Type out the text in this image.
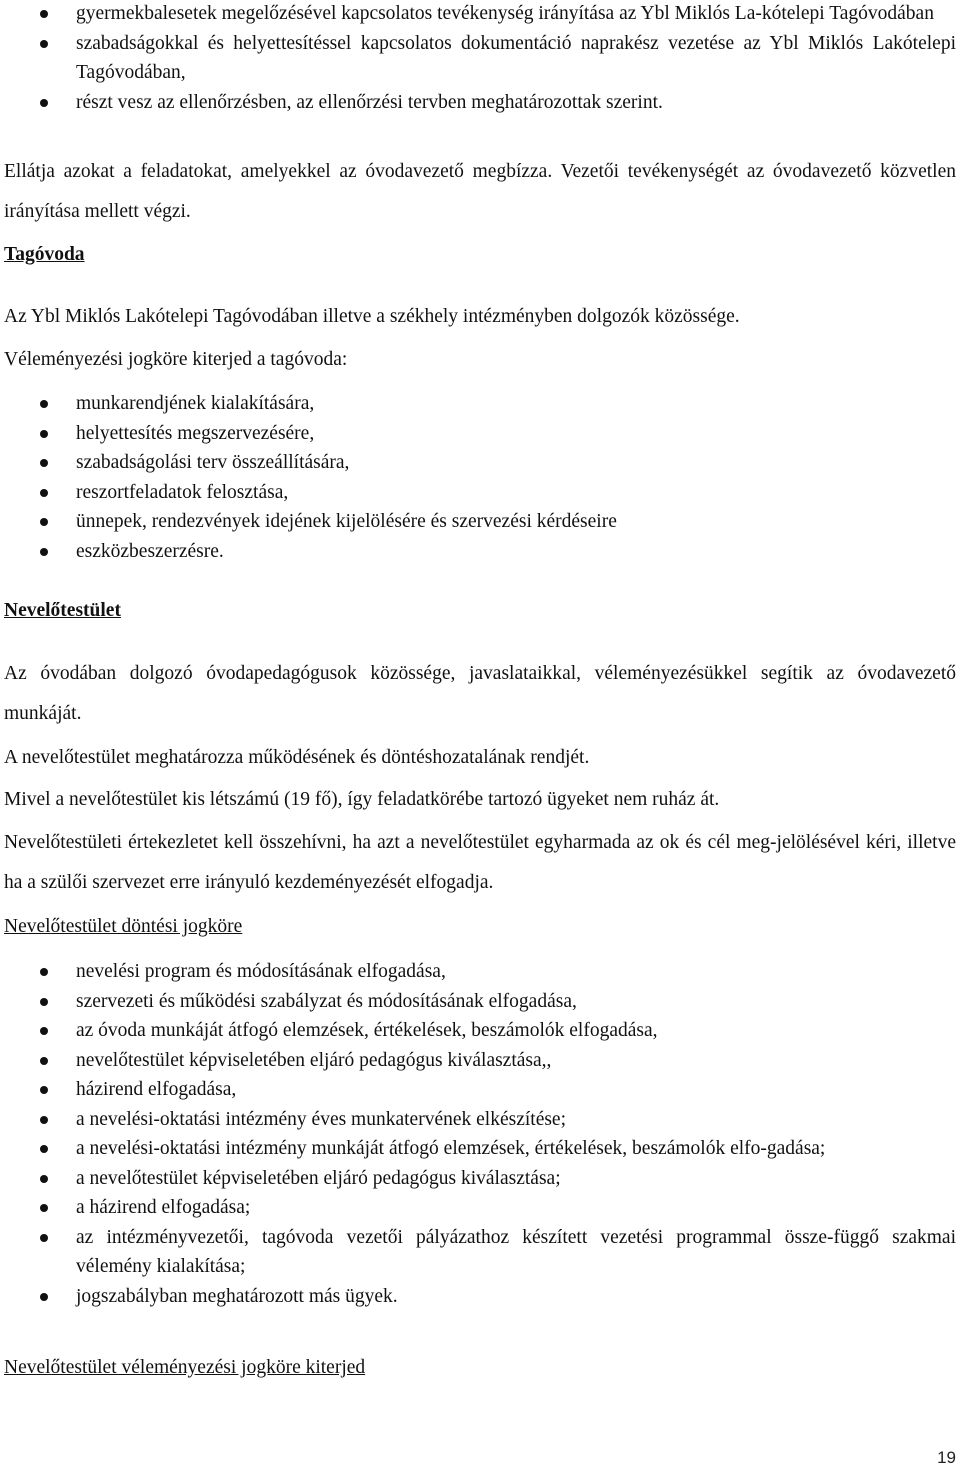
gyermekbalesetek megelőzésével kapcsolatos tevékenység irányítása az Ybl Miklós La-kótelepi Tagóvodában
szabadságokkal és helyettesítéssel kapcsolatos dokumentáció naprakész vezetése az Ybl Miklós Lakótelepi Tagóvodában,
részt vesz az ellenőrzésben, az ellenőrzési tervben meghatározottak szerint.

Ellátja azokat a feladatokat, amelyekkel az óvodavezető megbízza. Vezetői tevékenységét az óvodavezető közvetlen irányítása mellett végzi.

Tagóvoda

Az Ybl Miklós Lakótelepi Tagóvodában illetve a székhely intézményben dolgozók közössége.

Véleményezési jogköre kiterjed a tagóvoda:

munkarendjének kialakítására,
helyettesítés megszervezésére,
szabadságolási terv összeállítására,
reszortfeladatok felosztása,
ünnepek, rendezvények idejének kijelölésére és szervezési kérdéseire
eszközbeszerzésre.
Nevelőtestület

Az óvodában dolgozó óvodapedagógusok közössége, javaslataikkal, véleményezésükkel segítik az óvodavezető munkáját.

A nevelőtestület meghatározza működésének és döntéshozatalának rendjét.

Mivel a nevelőtestület kis létszámú (19 fő), így feladatkörébe tartozó ügyeket nem ruház át.

Nevelőtestületi értekezletet kell összehívni, ha azt a nevelőtestület egyharmada az ok és cél meg-jelölésével kéri, illetve ha a szülői szervezet erre irányuló kezdeményezését elfogadja.

Nevelőtestület döntési jogköre
nevelési program és módosításának elfogadása,
szervezeti és működési szabályzat és módosításának elfogadása,
az óvoda munkáját átfogó elemzések, értékelések, beszámolók elfogadása,
nevelőtestület képviseletében eljáró pedagógus kiválasztása,,
házirend elfogadása,
a nevelési-oktatási intézmény éves munkatervének elkészítése;
a nevelési-oktatási intézmény munkáját átfogó elemzések, értékelések, beszámolók elfo-gadása;
a nevelőtestület képviseletében eljáró pedagógus kiválasztása;
a házirend elfogadása;
az intézményvezetői, tagóvoda vezetői pályázathoz készített vezetési programmal össze-függő szakmai vélemény kialakítása;
jogszabályban meghatározott más ügyek.
Nevelőtestület véleményezési jogköre kiterjed
19
